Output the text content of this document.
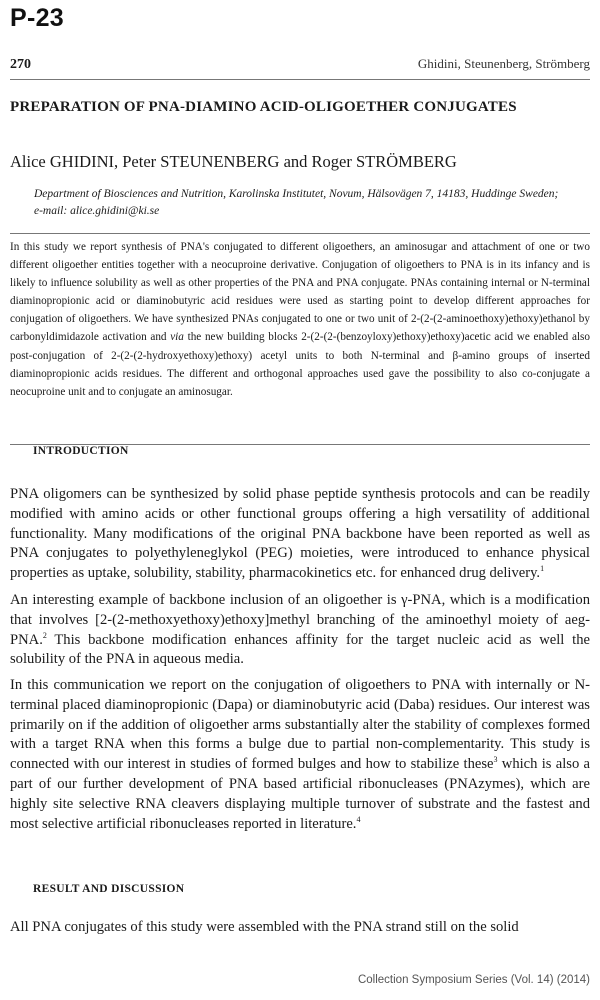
P-23
270	Ghidini, Steunenberg, Strömberg
PREPARATION OF PNA-DIAMINO ACID-OLIGOETHER CONJUGATES

Alice GHIDINI, Peter STEUNENBERG and Roger STRÖMBERG

Department of Biosciences and Nutrition, Karolinska Institutet, Novum, Hälsovägen 7, 14183, Huddinge Sweden;
e-mail: alice.ghidini@ki.se

In this study we report synthesis of PNA's conjugated to different oligoethers, an aminosugar and attachment of one or two different oligoether entities together with a neocuproine derivative. Conjugation of oligoethers to PNA is in its infancy and is likely to influence solubility as well as other properties of the PNA and PNA conjugate. PNAs containing internal or N-terminal diaminopropionic acid or diaminobutyric acid residues were used as starting point to develop different approaches for conjugation of oligoethers. We have synthesized PNAs conjugated to one or two unit of 2-(2-(2-aminoethoxy)ethoxy)ethanol by carbonyldimidazole activation and via the new building blocks 2-(2-(2-(benzoyloxy)ethoxy)ethoxy)acetic acid we enabled also post-conjugation of 2-(2-(2-hydroxyethoxy)ethoxy) acetyl units to both N-terminal and β-amino groups of inserted diaminopropionic acids residues. The different and orthogonal approaches used gave the possibility to also co-conjugate a neocuproine unit and to conjugate an aminosugar.
INTRODUCTION

PNA oligomers can be synthesized by solid phase peptide synthesis protocols and can be readily modified with amino acids or other functional groups offering a high versatility of additional functionality. Many modifications of the original PNA backbone have been reported as well as PNA conjugates to polyethyleneglykol (PEG) moieties, were introduced to enhance physical properties as uptake, solubility, stability, pharmacokinetics etc. for enhanced drug delivery.$^1$

An interesting example of backbone inclusion of an oligoether is γ-PNA, which is a modification that involves [2-(2-methoxyethoxy)ethoxy]methyl branching of the aminoethyl moiety of aeg-PNA.$^2$ This backbone modification enhances affinity for the target nucleic acid as well the solubility of the PNA in aqueous media.

In this communication we report on the conjugation of oligoethers to PNA with internally or N-terminal placed diaminopropionic (Dapa) or diaminobutyric acid (Daba) residues. Our interest was primarily on if the addition of oligoether arms substantially alter the stability of complexes formed with a target RNA when this forms a bulge due to partial non-complementarity. This study is connected with our interest in studies of formed bulges and how to stabilize these$^3$ which is also a part of our further development of PNA based artificial ribonucleases (PNAzymes), which are highly site selective RNA cleavers displaying multiple turnover of substrate and the fastest and most selective artificial ribonucleases reported in literature.$^4$

RESULT AND DISCUSSION

All PNA conjugates of this study were assembled with the PNA strand still on the solid

Collection Symposium Series (Vol. 14) (2014)
